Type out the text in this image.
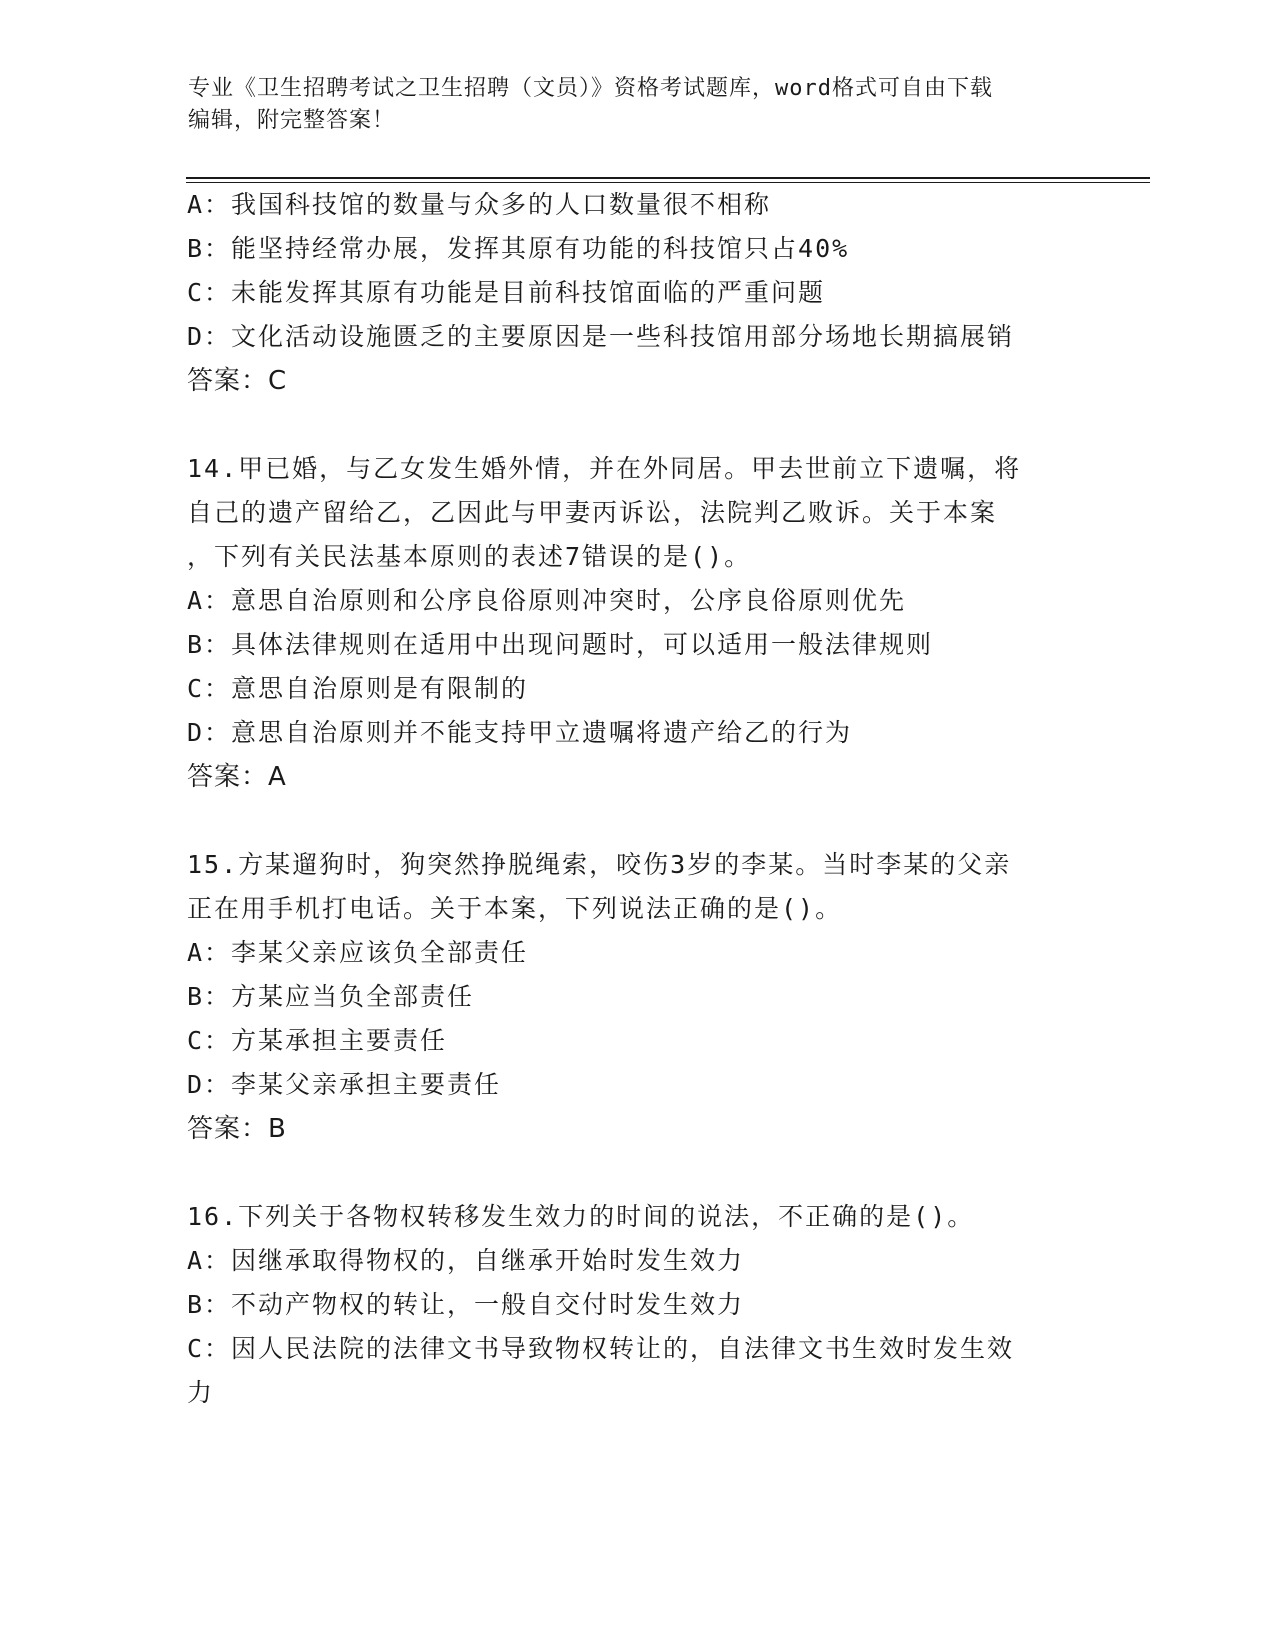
专业《卫生招聘考试之卫生招聘（文员）》资格考试题库，word格式可自由下载
编辑，附完整答案！
A：我国科技馆的数量与众多的人口数量很不相称
B：能坚持经常办展，发挥其原有功能的科技馆只占40%
C：未能发挥其原有功能是目前科技馆面临的严重问题
D：文化活动设施匮乏的主要原因是一些科技馆用部分场地长期搞展销
答案：C
14.甲已婚，与乙女发生婚外情，并在外同居。甲去世前立下遗嘱，将
自己的遗产留给乙，乙因此与甲妻丙诉讼，法院判乙败诉。关于本案
，下列有关民法基本原则的表述7错误的是()。
A：意思自治原则和公序良俗原则冲突时，公序良俗原则优先
B：具体法律规则在适用中出现问题时，可以适用一般法律规则
C：意思自治原则是有限制的
D：意思自治原则并不能支持甲立遗嘱将遗产给乙的行为
答案：A
15.方某遛狗时，狗突然挣脱绳索，咬伤3岁的李某。当时李某的父亲
正在用手机打电话。关于本案，下列说法正确的是()。
A：李某父亲应该负全部责任
B：方某应当负全部责任
C：方某承担主要责任
D：李某父亲承担主要责任
答案：B
16.下列关于各物权转移发生效力的时间的说法，不正确的是()。
A：因继承取得物权的，自继承开始时发生效力
B：不动产物权的转让，一般自交付时发生效力
C：因人民法院的法律文书导致物权转让的，自法律文书生效时发生效
力
